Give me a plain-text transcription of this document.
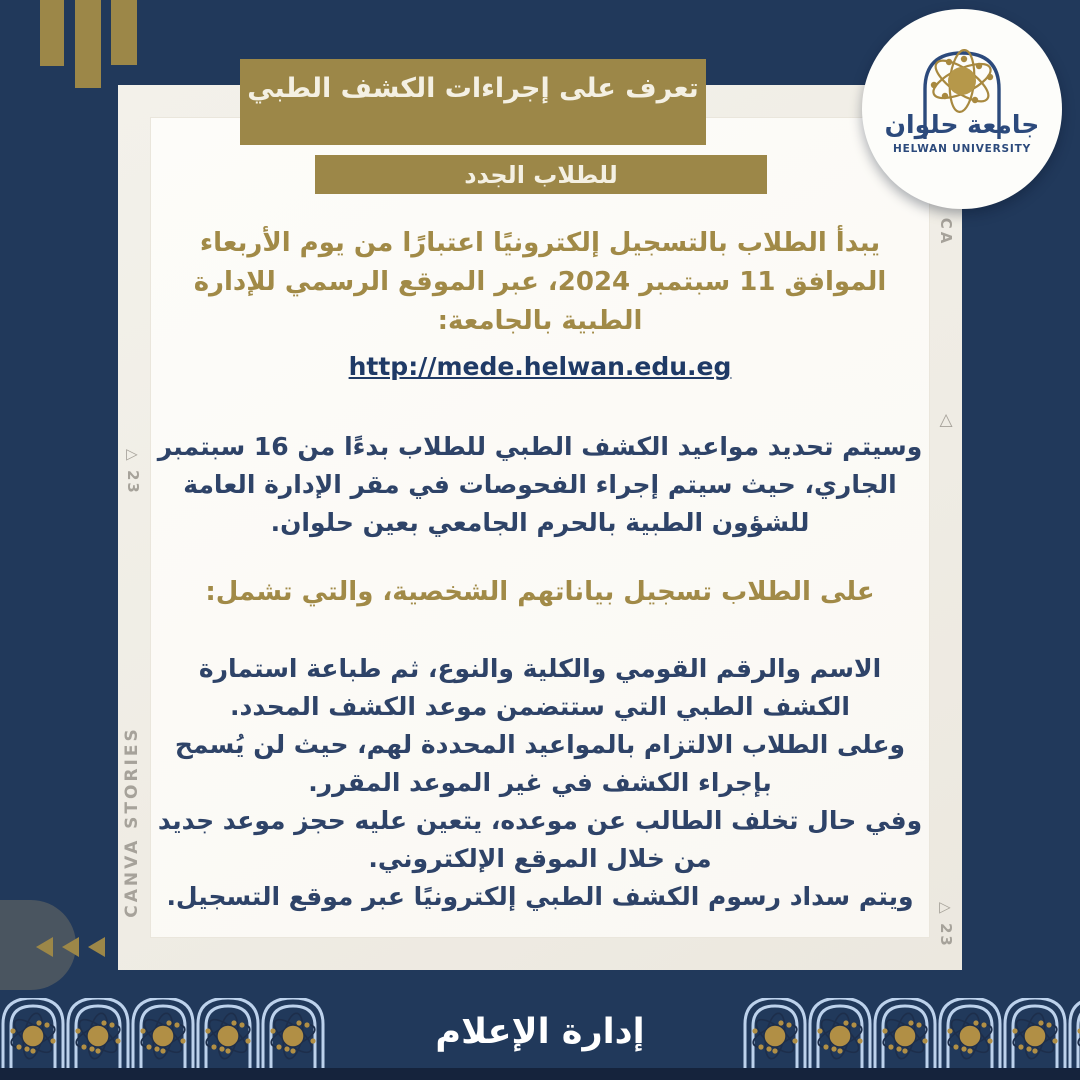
△ 23
CANVA STORIES
CA
△
△ 23
تعرف على إجراءات الكشف الطبي
للطلاب الجدد
جامعة حلوان
HELWAN UNIVERSITY
يبدأ الطلاب بالتسجيل إلكترونيًا اعتبارًا من يوم الأربعاء الموافق 11 سبتمبر 2024، عبر الموقع الرسمي للإدارة الطبية بالجامعة:
http://mede.helwan.edu.eg
وسيتم تحديد مواعيد الكشف الطبي للطلاب بدءًا من 16 سبتمبر الجاري، حيث سيتم إجراء الفحوصات في مقر الإدارة العامة للشؤون الطبية بالحرم الجامعي بعين حلوان.
على الطلاب تسجيل بياناتهم الشخصية، والتي تشمل:

الاسم والرقم القومي والكلية والنوع، ثم طباعة استمارة الكشف الطبي التي ستتضمن موعد الكشف المحدد.

وعلى الطلاب الالتزام بالمواعيد المحددة لهم، حيث لن يُسمح بإجراء الكشف في غير الموعد المقرر.

وفي حال تخلف الطالب عن موعده، يتعين عليه حجز موعد جديد من خلال الموقع الإلكتروني.

ويتم سداد رسوم الكشف الطبي إلكترونيًا عبر موقع التسجيل.

إدارة الإعلام
